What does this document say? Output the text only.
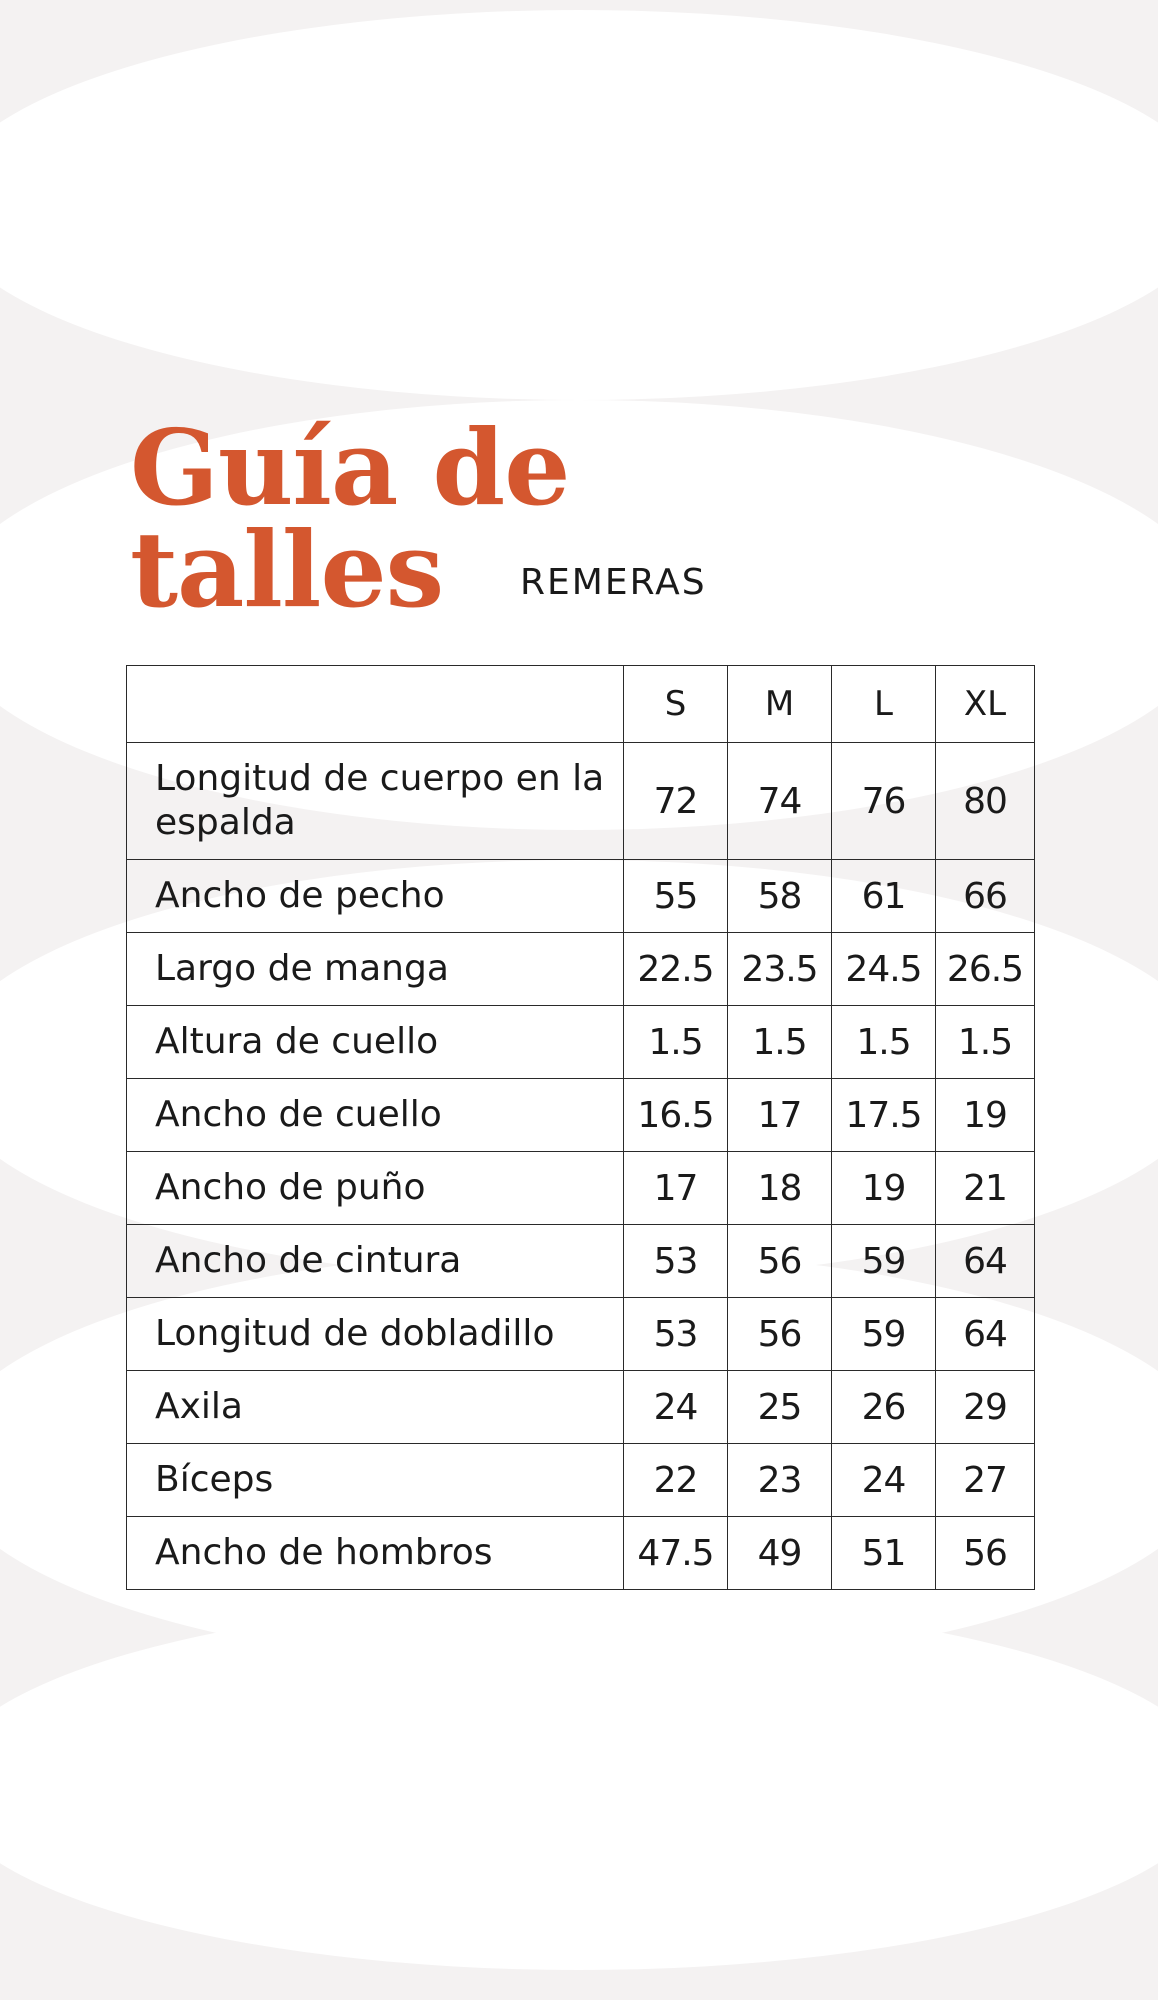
Guía de
talles REMERAS
	S	M	L	XL
Longitud de cuerpo en la espalda	72	74	76	80
Ancho de pecho	55	58	61	66
Largo de manga	22.5	23.5	24.5	26.5
Altura de cuello	1.5	1.5	1.5	1.5
Ancho de cuello	16.5	17	17.5	19
Ancho de puño	17	18	19	21
Ancho de cintura	53	56	59	64
Longitud de dobladillo	53	56	59	64
Axila	24	25	26	29
Bíceps	22	23	24	27
Ancho de hombros	47.5	49	51	56
